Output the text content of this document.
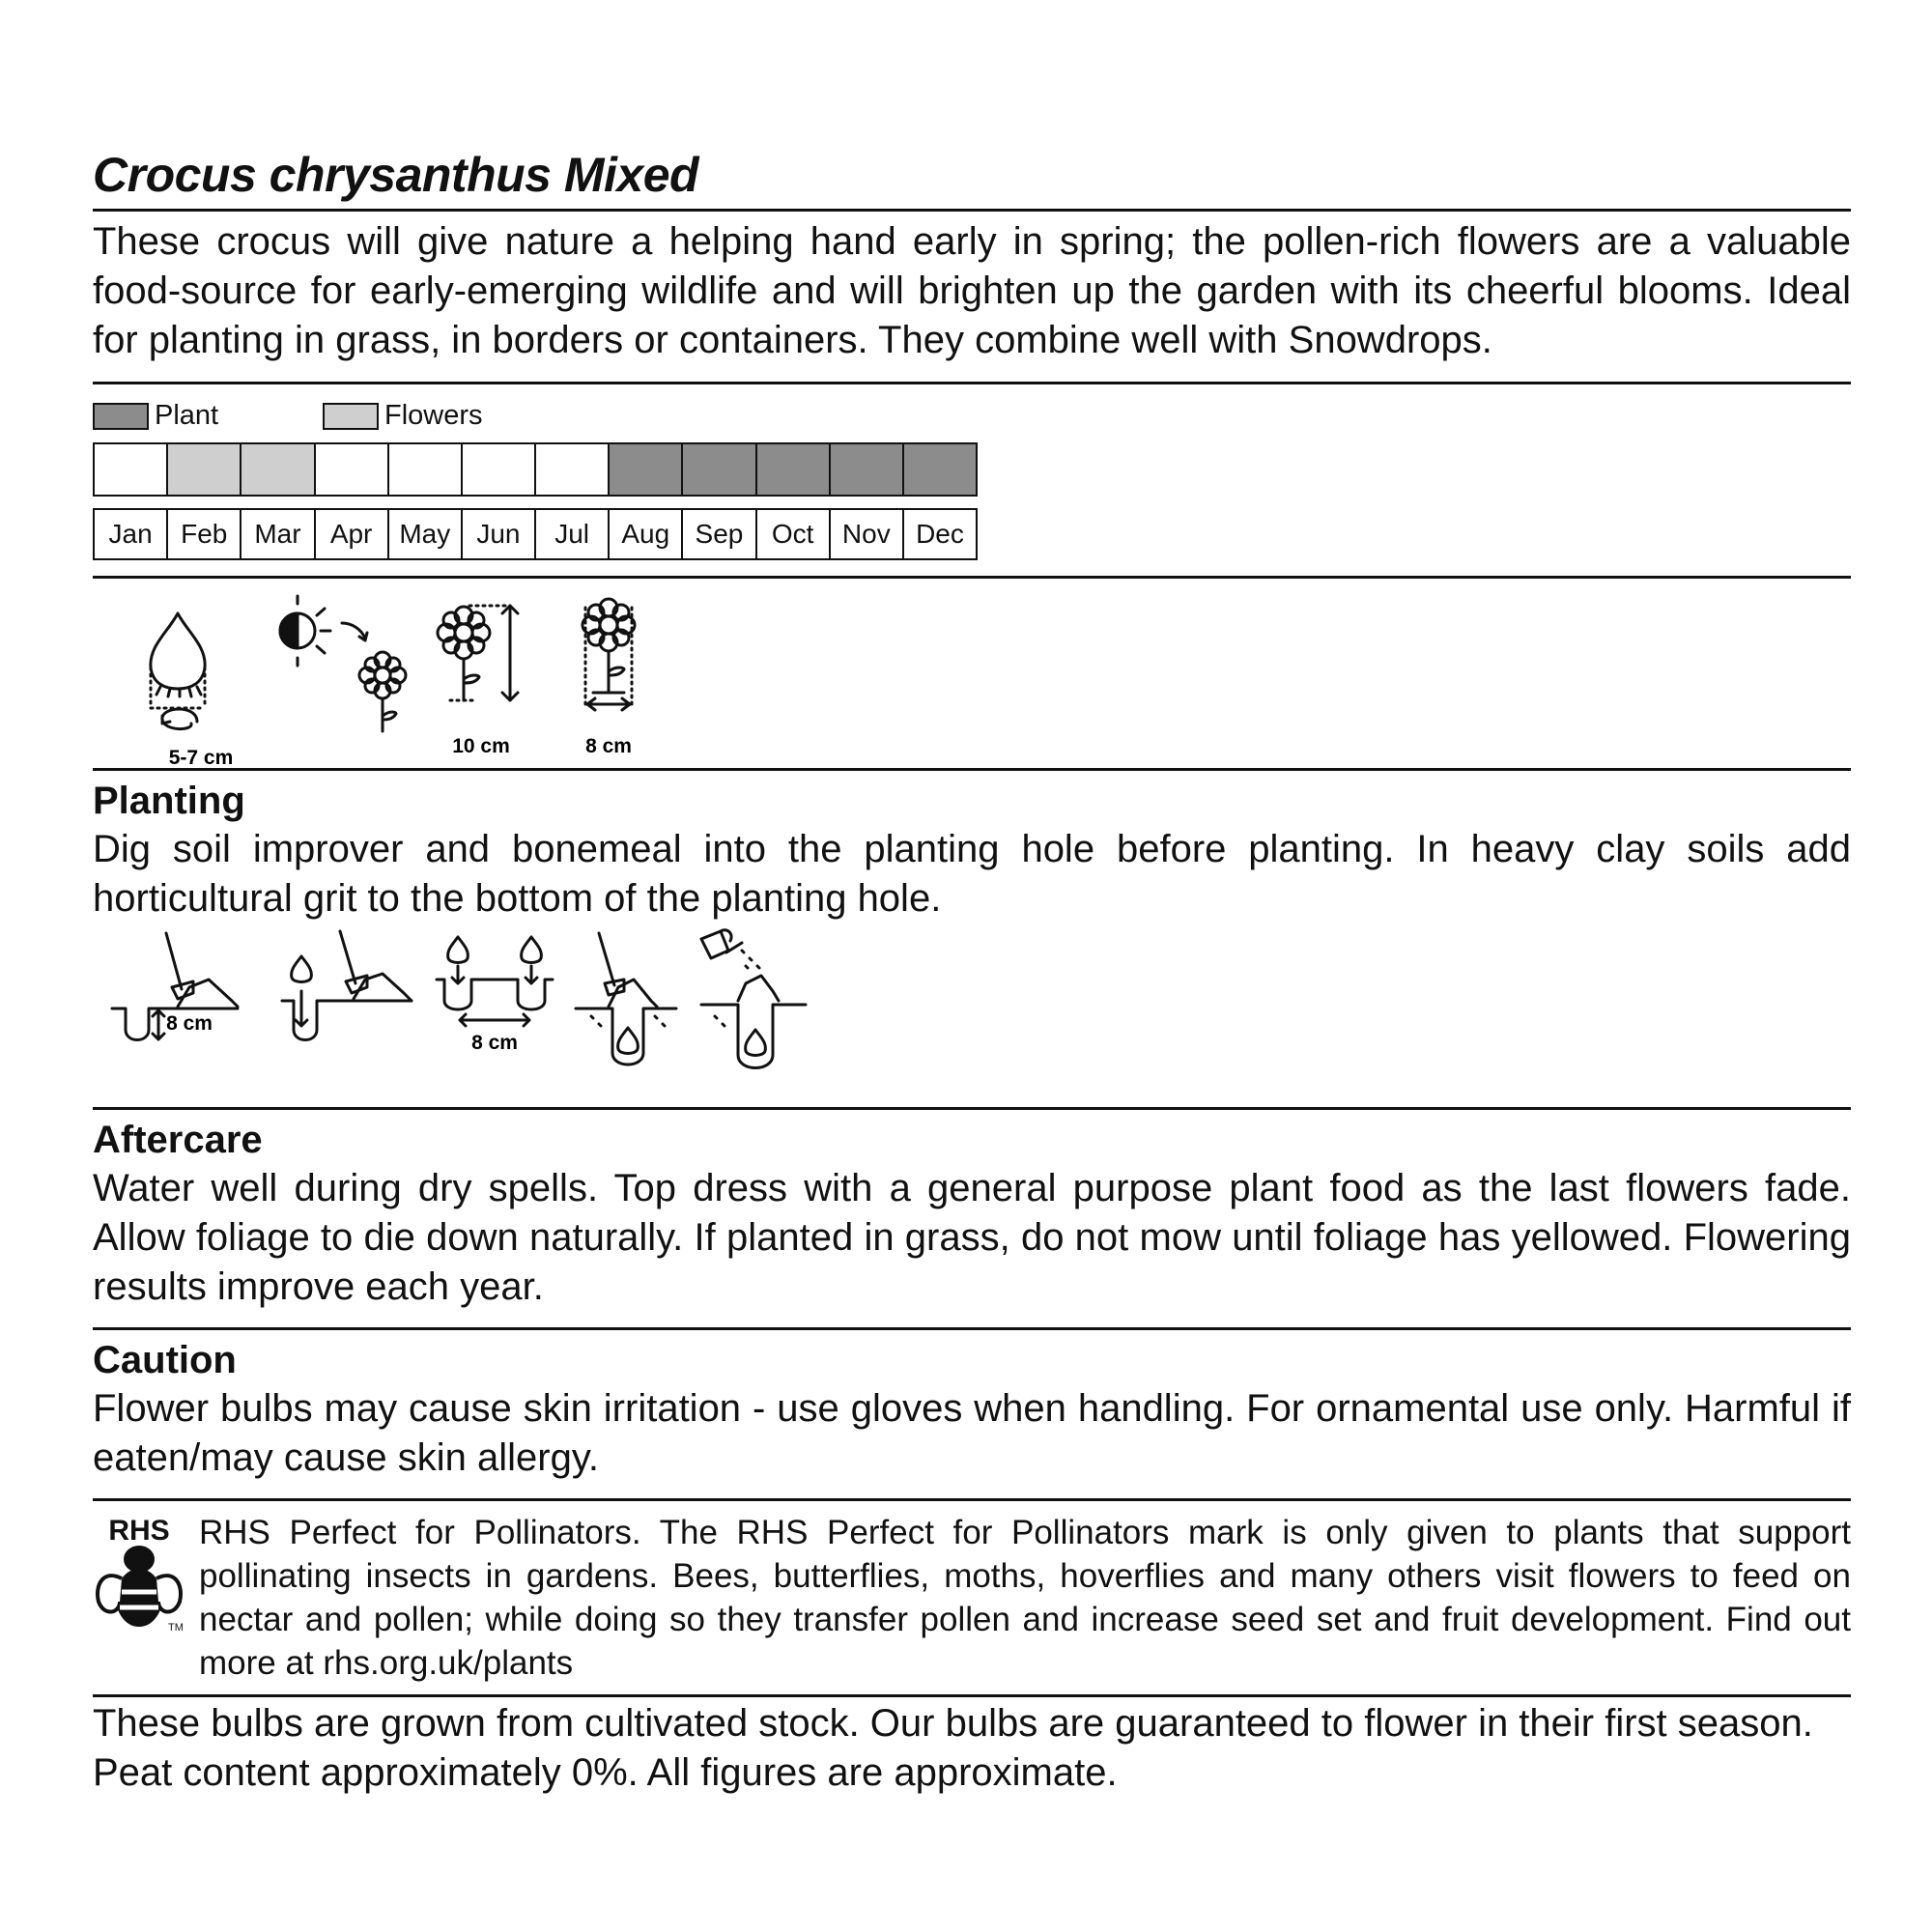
Crocus chrysanthus Mixed

These crocus will give nature a helping hand early in spring; the pollen-rich flowers are a valuable food-source for early-emerging wildlife and will brighten up the garden with its cheerful blooms. Ideal for planting in grass, in borders or containers. They combine well with Snowdrops.

Plant	Flowers
Jan	Feb Mar	Apr May Jun	Jul	Aug Sep	Oct	Nov Dec
5-7 cm
10 cm	8 cm
Planting

Dig soil improver and bonemeal into the planting hole before planting. In heavy clay soils add horticultural grit to the bottom of the planting hole.

8 cm
8 cm
Aftercare

Water well during dry spells. Top dress with a general purpose plant food as the last flowers fade. Allow foliage to die down naturally. If planted in grass, do not mow until foliage has yellowed. Flowering results improve each year.

Caution

Flower bulbs may cause skin irritation - use gloves when handling. For ornamental use only. Harmful if eaten/may cause skin allergy.

RHS
TM

RHS Perfect for Pollinators. The RHS Perfect for Pollinators mark is only given to plants that support pollinating insects in gardens. Bees, butterflies, moths, hoverflies and many others visit flowers to feed on nectar and pollen; while doing so they transfer pollen and increase seed set and fruit development. Find out more at rhs.org.uk/plants

These bulbs are grown from cultivated stock. Our bulbs are guaranteed to flower in their first season. Peat content approximately 0%. All figures are approximate.
